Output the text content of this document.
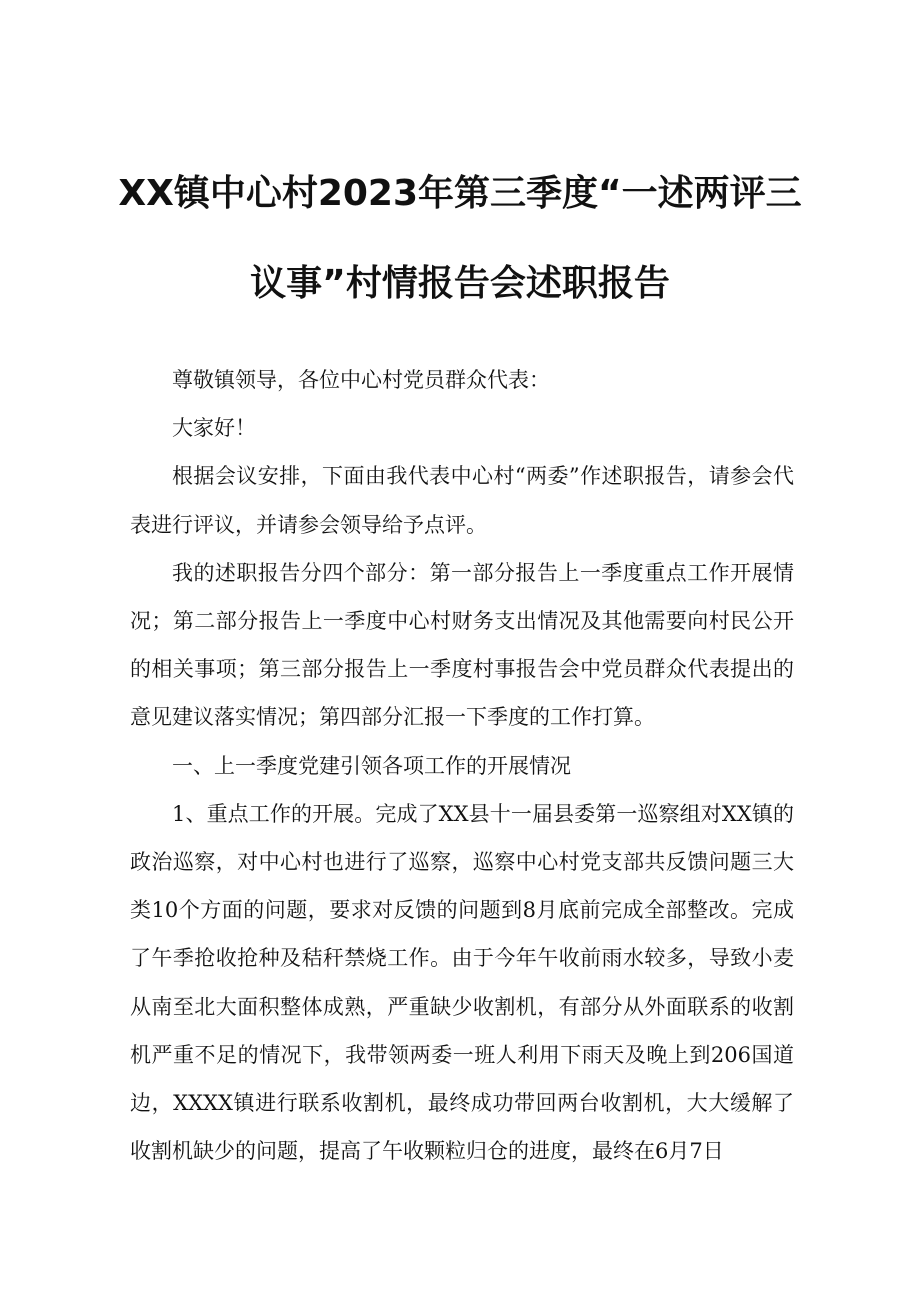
XX镇中心村2023年第三季度“一述两评三
议事”村情报告会述职报告

尊敬镇领导，各位中心村党员群众代表：

大家好！

根据会议安排，下面由我代表中心村“两委”作述职报告，请参会代表进行评议，并请参会领导给予点评。

我的述职报告分四个部分：第一部分报告上一季度重点工作开展情况；第二部分报告上一季度中心村财务支出情况及其他需要向村民公开的相关事项；第三部分报告上一季度村事报告会中党员群众代表提出的意见建议落实情况；第四部分汇报一下季度的工作打算。

一、上一季度党建引领各项工作的开展情况

1、重点工作的开展。完成了XX县十一届县委第一巡察组对XX镇的政治巡察，对中心村也进行了巡察，巡察中心村党支部共反馈问题三大类10个方面的问题，要求对反馈的问题到8月底前完成全部整改。完成了午季抢收抢种及秸秆禁烧工作。由于今年午收前雨水较多，导致小麦从南至北大面积整体成熟，严重缺少收割机，有部分从外面联系的收割机严重不足的情况下，我带领两委一班人利用下雨天及晚上到206国道边，XXXX镇进行联系收割机，最终成功带回两台收割机，大大缓解了收割机缺少的问题，提高了午收颗粒归仓的进度，最终在6月7日
